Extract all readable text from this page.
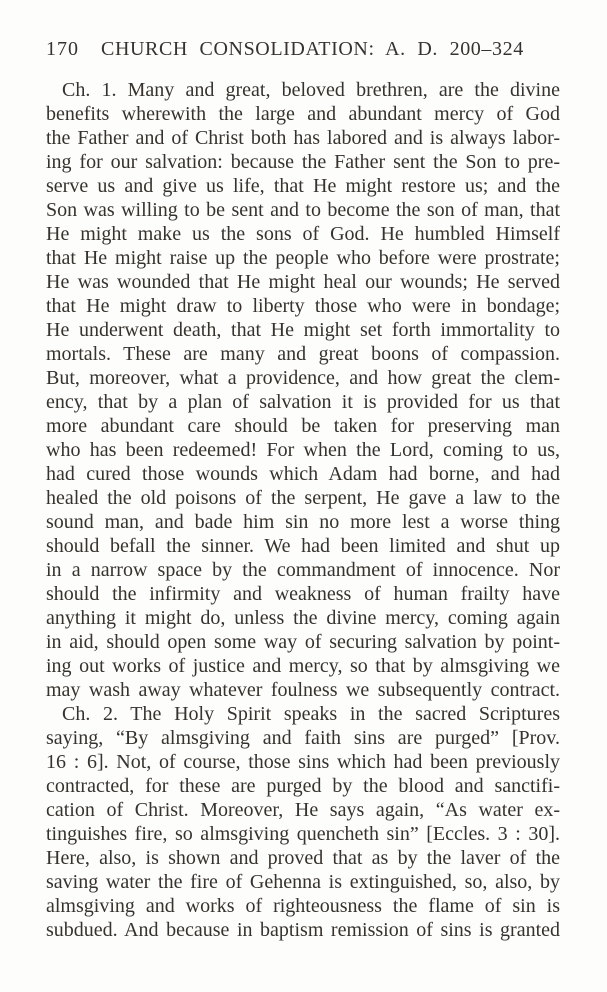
170 CHURCH CONSOLIDATION: A. D. 200–324
Ch. 1. Many and great, beloved brethren, are the divine
benefits wherewith the large and abundant mercy of God
the Father and of Christ both has labored and is always labor-
ing for our salvation: because the Father sent the Son to pre-
serve us and give us life, that He might restore us; and the
Son was willing to be sent and to become the son of man, that
He might make us the sons of God. He humbled Himself
that He might raise up the people who before were prostrate;
He was wounded that He might heal our wounds; He served
that He might draw to liberty those who were in bondage;
He underwent death, that He might set forth immortality to
mortals. These are many and great boons of compassion.
But, moreover, what a providence, and how great the clem-
ency, that by a plan of salvation it is provided for us that
more abundant care should be taken for preserving man
who has been redeemed! For when the Lord, coming to us,
had cured those wounds which Adam had borne, and had
healed the old poisons of the serpent, He gave a law to the
sound man, and bade him sin no more lest a worse thing
should befall the sinner. We had been limited and shut up
in a narrow space by the commandment of innocence. Nor
should the infirmity and weakness of human frailty have
anything it might do, unless the divine mercy, coming again
in aid, should open some way of securing salvation by point-
ing out works of justice and mercy, so that by almsgiving we
may wash away whatever foulness we subsequently contract.
Ch. 2. The Holy Spirit speaks in the sacred Scriptures
saying, “By almsgiving and faith sins are purged” [Prov.
16 : 6]. Not, of course, those sins which had been previously
contracted, for these are purged by the blood and sanctifi-
cation of Christ. Moreover, He says again, “As water ex-
tinguishes fire, so almsgiving quencheth sin” [Eccles. 3 : 30].
Here, also, is shown and proved that as by the laver of the
saving water the fire of Gehenna is extinguished, so, also, by
almsgiving and works of righteousness the flame of sin is
subdued. And because in baptism remission of sins is granted
